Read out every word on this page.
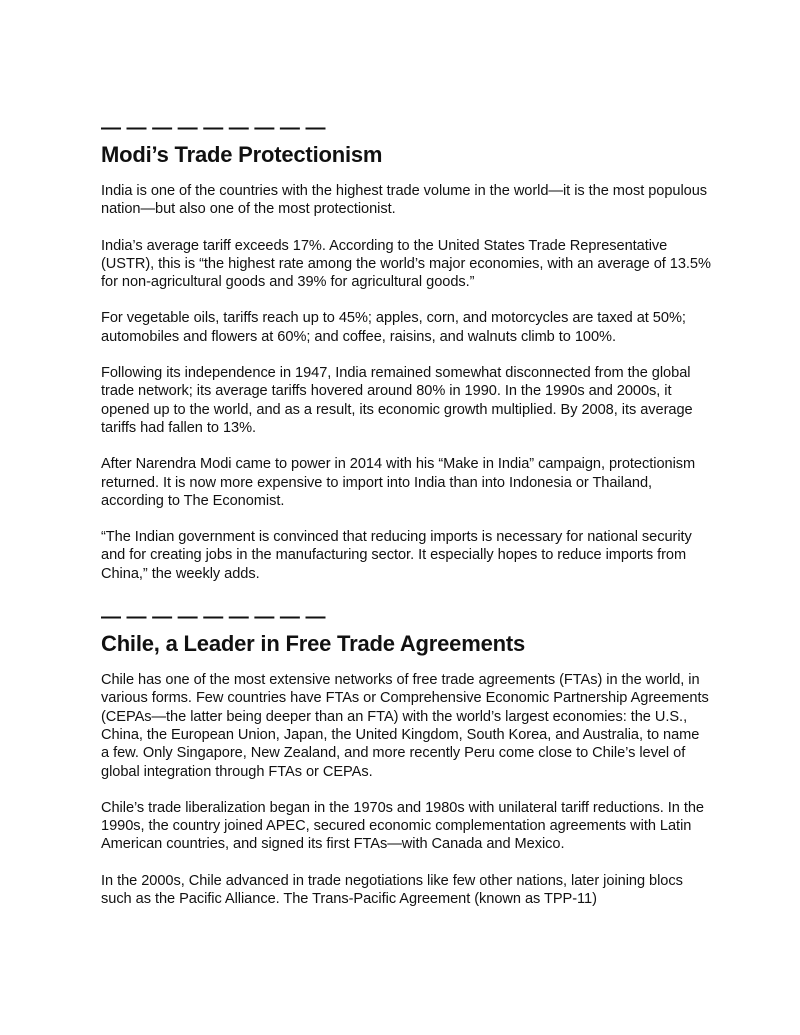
— — — — — — — — —
Modi’s Trade Protectionism

India is one of the countries with the highest trade volume in the world—it is the most populous nation—but also one of the most protectionist.

India’s average tariff exceeds 17%. According to the United States Trade Representative (USTR), this is “the highest rate among the world’s major economies, with an average of 13.5% for non-agricultural goods and 39% for agricultural goods.”

For vegetable oils, tariffs reach up to 45%; apples, corn, and motorcycles are taxed at 50%; automobiles and flowers at 60%; and coffee, raisins, and walnuts climb to 100%.

Following its independence in 1947, India remained somewhat disconnected from the global trade network; its average tariffs hovered around 80% in 1990. In the 1990s and 2000s, it opened up to the world, and as a result, its economic growth multiplied. By 2008, its average tariffs had fallen to 13%.

After Narendra Modi came to power in 2014 with his “Make in India” campaign, protectionism returned. It is now more expensive to import into India than into Indonesia or Thailand, according to The Economist.

“The Indian government is convinced that reducing imports is necessary for national security and for creating jobs in the manufacturing sector. It especially hopes to reduce imports from China,” the weekly adds.

— — — — — — — — —
Chile, a Leader in Free Trade Agreements

Chile has one of the most extensive networks of free trade agreements (FTAs) in the world, in various forms. Few countries have FTAs or Comprehensive Economic Partnership Agreements (CEPAs—the latter being deeper than an FTA) with the world’s largest economies: the U.S., China, the European Union, Japan, the United Kingdom, South Korea, and Australia, to name a few. Only Singapore, New Zealand, and more recently Peru come close to Chile’s level of global integration through FTAs or CEPAs.

Chile’s trade liberalization began in the 1970s and 1980s with unilateral tariff reductions. In the 1990s, the country joined APEC, secured economic complementation agreements with Latin American countries, and signed its first FTAs—with Canada and Mexico.

In the 2000s, Chile advanced in trade negotiations like few other nations, later joining blocs such as the Pacific Alliance. The Trans-Pacific Agreement (known as TPP-11)
